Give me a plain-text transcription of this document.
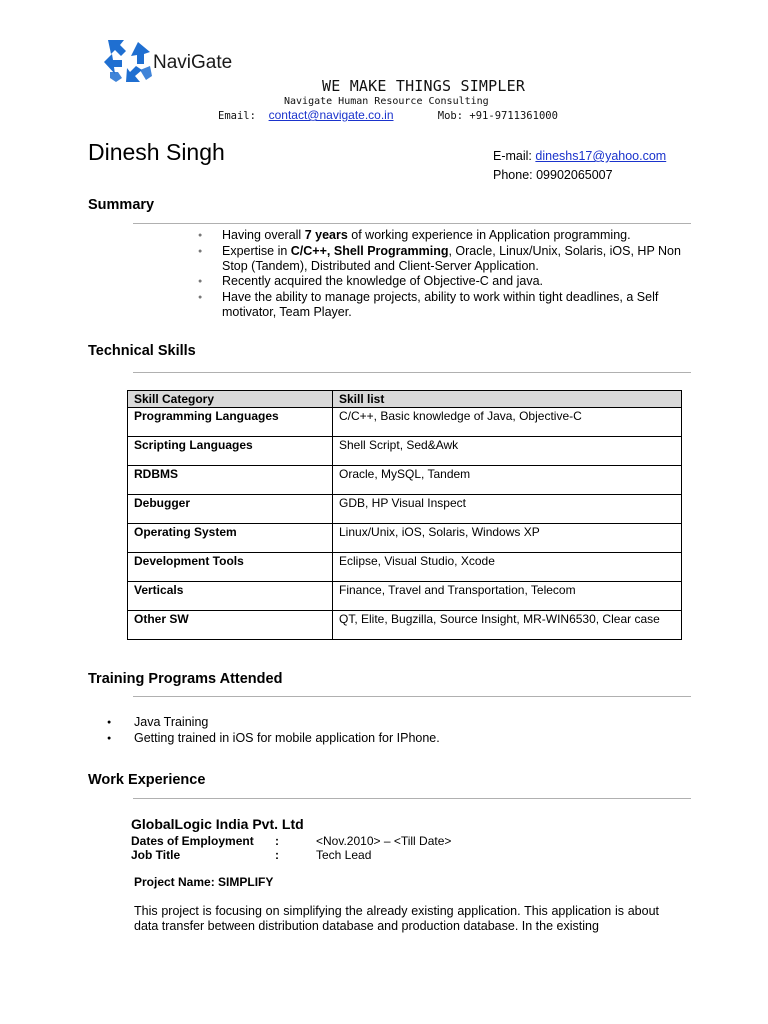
NaviGate
WE MAKE THINGS SIMPLER
Navigate Human Resource Consulting
Email: contact@navigate.co.in	Mob: +91-9711361000
Dinesh Singh	E-mail: dineshs17@yahoo.com
Phone: 09902065007
Summary
● Having overall 7 years of working experience in Application programming.
● Expertise in C/C++, Shell Programming, Oracle, Linux/Unix, Solaris, iOS, HP Non Stop (Tandem), Distributed and Client-Server Application.
● Recently acquired the knowledge of Objective-C and java.
● Have the ability to manage projects, ability to work within tight deadlines, a Self motivator, Team Player.
Technical Skills
Skill Category	Skill list
Programming Languages	C/C++, Basic knowledge of Java, Objective-C
Scripting Languages	Shell Script, Sed&Awk
RDBMS	Oracle, MySQL, Tandem
Debugger	GDB, HP Visual Inspect
Operating System	Linux/Unix, iOS, Solaris, Windows XP
Development Tools	Eclipse, Visual Studio, Xcode
Verticals	Finance, Travel and Transportation, Telecom
Other SW	QT, Elite, Bugzilla, Source Insight, MR-WIN6530, Clear case
Training Programs Attended
● Java Training
● Getting trained in iOS for mobile application for IPhone.
Work Experience
GlobalLogic India Pvt. Ltd
Dates of Employment :	<Nov.2010> – <Till Date>
Job Title	:	Tech Lead
Project Name: SIMPLIFY
This project is focusing on simplifying the already existing application. This application is about data transfer between distribution database and production database. In the existing
